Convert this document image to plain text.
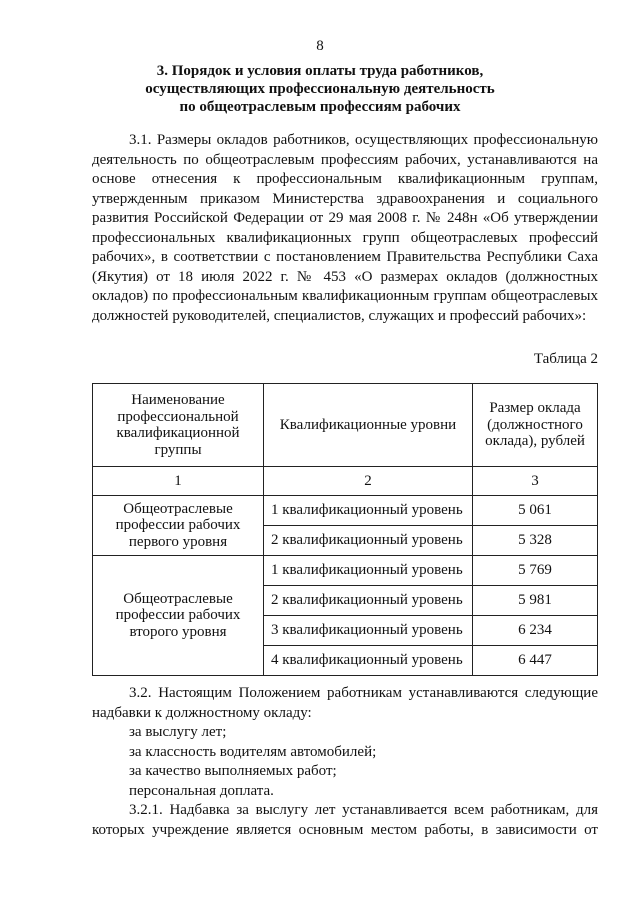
8
3. Порядок и условия оплаты труда работников,
осуществляющих профессиональную деятельность
по общеотраслевым профессиям рабочих
3.1. Размеры окладов работников, осуществляющих профессиональную
деятельность по общеотраслевым профессиям рабочих, устанавливаются на
основе отнесения к профессиональным квалификационным группам,
утвержденным приказом Министерства здравоохранения и социального
развития Российской Федерации от 29 мая 2008 г. № 248н «Об утверждении
профессиональных квалификационных групп общеотраслевых профессий
рабочих», в соответствии с постановлением Правительства Республики Саха
(Якутия) от 18 июля 2022 г. № 453 «О размерах окладов (должностных
окладов) по профессиональным квалификационным группам общеотраслевых
должностей руководителей, специалистов, служащих и профессий рабочих»:
Таблица 2
Наименование профессиональной квалификационной группы	Квалификационные уровни	Размер оклада (должностного оклада), рублей
1	2	3
Общеотраслевые профессии рабочих первого уровня	1 квалификационный уровень	5 061
	2 квалификационный уровень	5 328
Общеотраслевые профессии рабочих второго уровня	1 квалификационный уровень	5 769
	2 квалификационный уровень	5 981
	3 квалификационный уровень	6 234
	4 квалификационный уровень	6 447
3.2. Настоящим Положением работникам устанавливаются следующие
надбавки к должностному окладу:
за выслугу лет;
за классность водителям автомобилей;
за качество выполняемых работ;
персональная доплата.
3.2.1. Надбавка за выслугу лет устанавливается всем работникам, для
которых учреждение является основным местом работы, в зависимости от
